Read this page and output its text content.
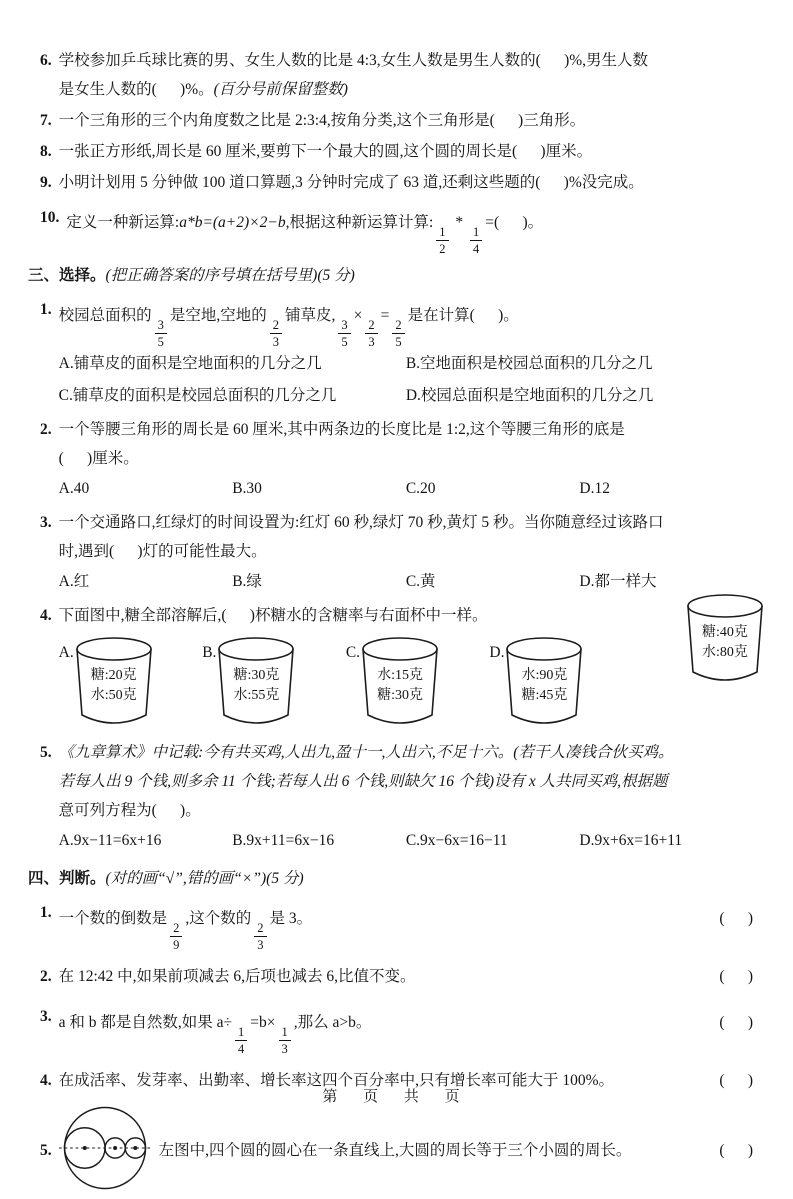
6. 学校参加乒乓球比赛的男、女生人数的比是 4:3,女生人数是男生人数的(      )%,男生人数
是女生人数的(      )%。(百分号前保留整数)
7. 一个三角形的三个内角度数之比是 2:3:4,按角分类,这个三角形是(      )三角形。
8. 一张正方形纸,周长是 60 厘米,要剪下一个最大的圆,这个圆的周长是(      )厘米。
9. 小明计划用 5 分钟做 100 道口算题,3 分钟时完成了 63 道,还剩这些题的(      )%没完成。
10. 定义一种新运算:a*b=(a+2)×2−b,根据这种新运算计算:
$\frac{1}{2}$
*
$\frac{1}{4}$
=(      )。
三、选择。(把正确答案的序号填在括号里)(5 分)
1. 校园总面积的
$\frac{3}{5}$
是空地,空地的
$\frac{2}{3}$
铺草皮,
$\frac{3}{5}$
×
$\frac{2}{3}$
=
$\frac{2}{5}$
是在计算(      )。
A.铺草皮的面积是空地面积的几分之几	B.空地面积是校园总面积的几分之几
C.铺草皮的面积是校园总面积的几分之几	D.校园总面积是空地面积的几分之几
2. 一个等腰三角形的周长是 60 厘米,其中两条边的长度比是 1:2,这个等腰三角形的底是
(      )厘米。
A.40	B.30	C.20	D.12
3. 一个交通路口,红绿灯的时间设置为:红灯 60 秒,绿灯 70 秒,黄灯 5 秒。当你随意经过该路口
时,遇到(      )灯的可能性最大。
A.红	B.绿	C.黄	D.都一样大
4. 下面图中,糖全部溶解后,(      )杯糖水的含糖率与右面杯中一样。
A.
糖:20克
水:50克
B.
糖:30克
水:55克
C.
水:15克
糖:30克
D.
水:90克
糖:45克
糖:40克
水:80克
5. 《九章算术》中记载:今有共买鸡,人出九,盈十一,人出六,不足十六。(若干人凑钱合伙买鸡。
若每人出 9 个钱,则多余 11 个钱;若每人出 6 个钱,则缺欠 16 个钱)设有 x 人共同买鸡,根据题
意可列方程为(      )。
A.9x−11=6x+16	B.9x+11=6x−16	C.9x−6x=16−11	D.9x+6x=16+11
四、判断。(对的画“√”,错的画“×”)(5 分)
1. 一个数的倒数是
$\frac{2}{9}$
,这个数的
$\frac{2}{3}$
是 3。	(      )
2. 在 12:42 中,如果前项减去 6,后项也减去 6,比值不变。	(      )
3. a 和 b 都是自然数,如果 a÷
$\frac{1}{4}$
=b×
$\frac{1}{3}$
,那么 a>b。	(      )
4. 在成活率、发芽率、出勤率、增长率这四个百分率中,只有增长率可能大于 100%。	(      )
5.	左图中,四个圆的圆心在一条直线上,大圆的周长等于三个小圆的周长。	(      )
第 页 共 页
